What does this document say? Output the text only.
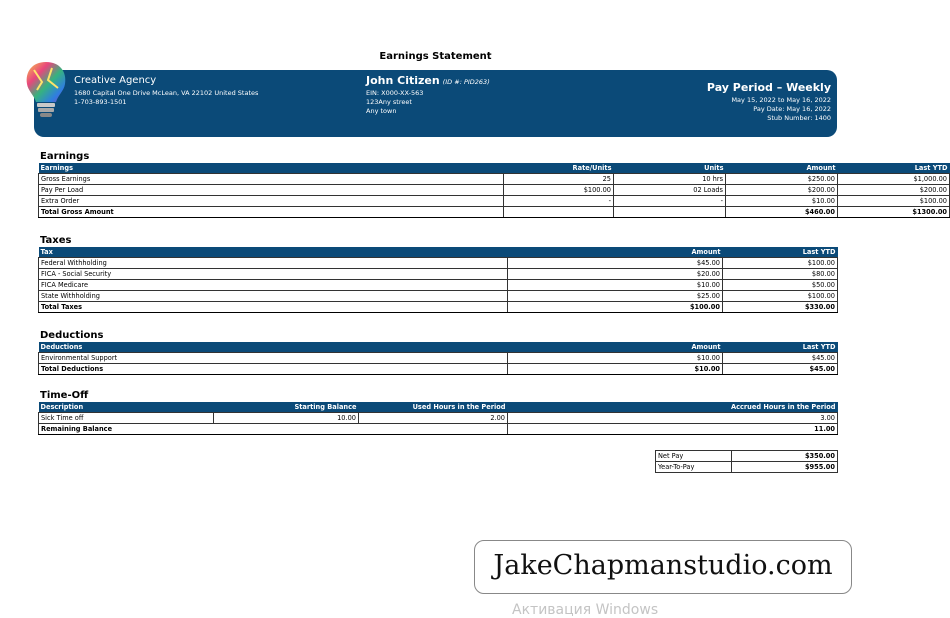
Earnings Statement
Creative Agency
1680 Capital One Drive McLean, VA 22102 United States
1-703-893-1501
John Citizen (ID #: PID263)
EIN: X000-XX-563
123Any street
Any town
Pay Period – Weekly
May 15, 2022 to May 16, 2022
Pay Date: May 16, 2022
Stub Number: 1400
Earnings
Earnings	Rate/Units	Units	Amount	Last YTD
Gross Earnings	25	10 hrs	$250.00	$1,000.00
Pay Per Load	$100.00	02 Loads	$200.00	$200.00
Extra Order	-	-	$10.00	$100.00
Total Gross Amount			$460.00	$1300.00
Taxes
Tax	Amount	Last YTD
Federal Withholding	$45.00	$100.00
FICA - Social Security	$20.00	$80.00
FICA Medicare	$10.00	$50.00
State Withholding	$25.00	$100.00
Total Taxes	$100.00	$330.00
Deductions
Deductions	Amount	Last YTD
Environmental Support	$10.00	$45.00
Total Deductions	$10.00	$45.00
Time-Off
Description	Starting Balance	Used Hours in the Period	Accrued Hours in the Period
Sick Time off	10.00	2.00	3.00
Remaining Balance			11.00
Net Pay	$350.00
Year-To-Pay	$955.00
JakeChapmanstudio.com
Активация Windows
